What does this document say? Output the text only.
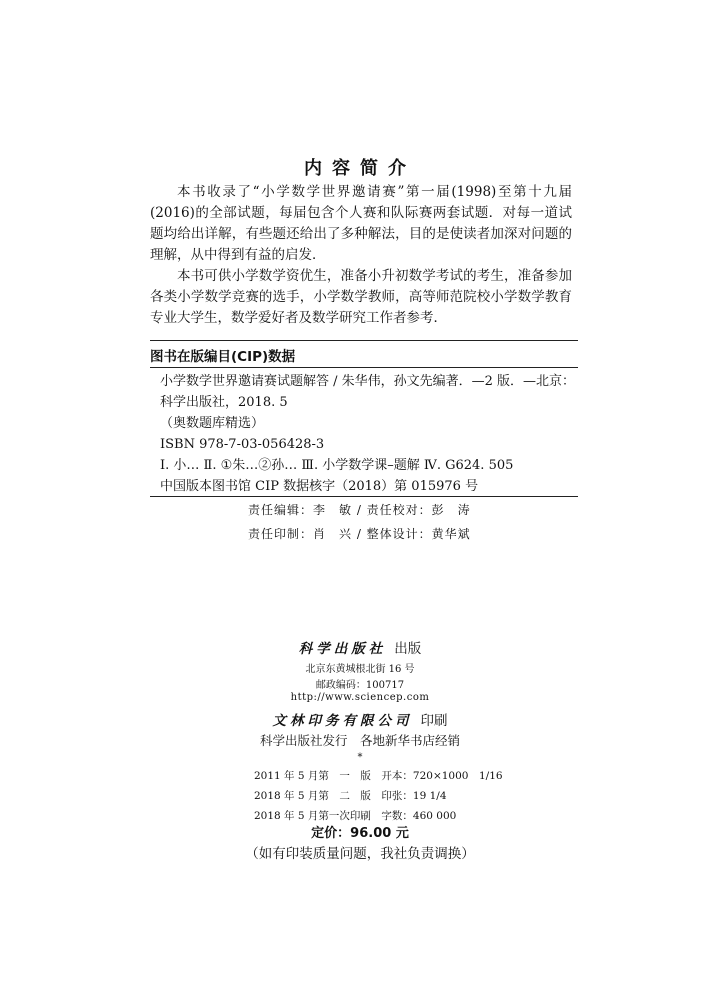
内容简介

本书收录了“小学数学世界邀请赛”第一届(1998)至第十九届(2016)的全部试题，每届包含个人赛和队际赛两套试题．对每一道试题均给出详解，有些题还给出了多种解法，目的是使读者加深对问题的理解，从中得到有益的启发．

本书可供小学数学资优生，准备小升初数学考试的考生，准备参加各类小学数学竞赛的选手，小学数学教师，高等师范院校小学数学教育专业大学生，数学爱好者及数学研究工作者参考．

图书在版编目(CIP)数据
小学数学世界邀请赛试题解答 / 朱华伟，孙文先编著．—2 版．—北京：
科学出版社，2018. 5
（奥数题库精选）
ISBN 978-7-03-056428-3
Ⅰ. 小… Ⅱ. ①朱…②孙… Ⅲ. 小学数学课–题解 Ⅳ. G624. 505
中国版本图书馆 CIP 数据核字（2018）第 015976 号
责任编辑：李　敏 / 责任校对：彭　涛
责任印制：肖　兴 / 整体设计：黄华斌
科学出版社 出版
北京东黄城根北街 16 号
邮政编码：100717
http://www.sciencep.com
文林印务有限公司 印刷
科学出版社发行　各地新华书店经销
*
2011 年 5 月第　一　版　开本：720×1000　1/16
2018 年 5 月第　二　版　印张：19 1/4
2018 年 5 月第一次印刷　字数：460 000
定价：96.00 元
（如有印装质量问题，我社负责调换）
